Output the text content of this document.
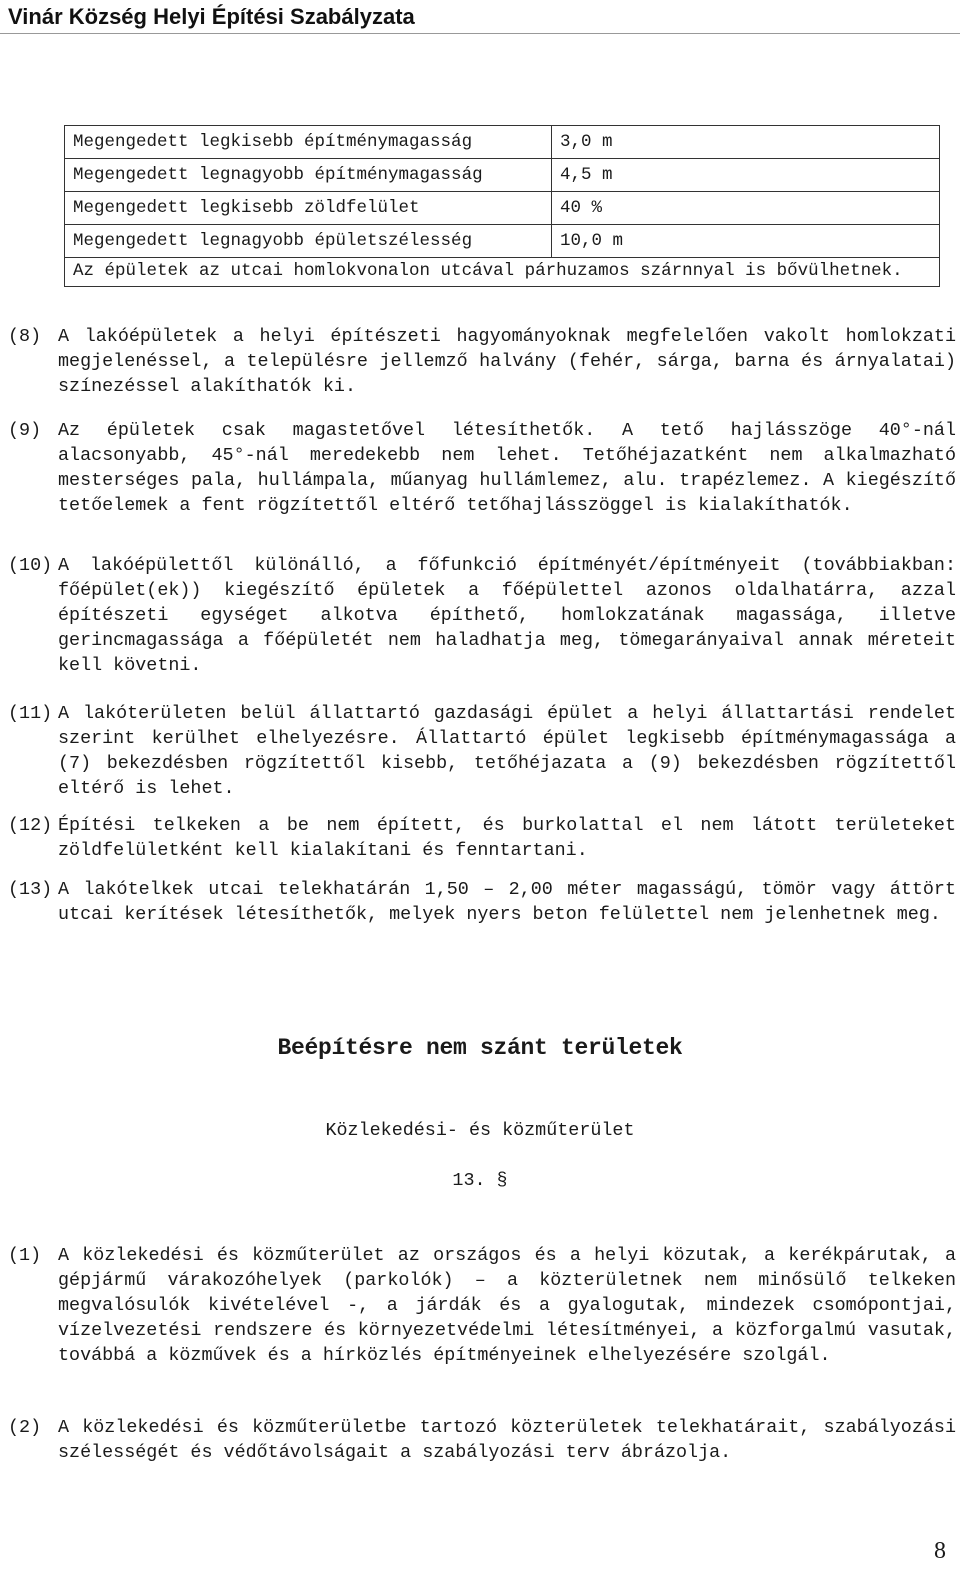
Vinár Község Helyi Építési Szabályzata
Megengedett legkisebb építménymagasság	3,0 m
Megengedett legnagyobb építménymagasság	4,5 m
Megengedett legkisebb zöldfelület	40 %
Megengedett legnagyobb épületszélesség	10,0 m
Az épületek az utcai homlokvonalon utcával párhuzamos szárnnyal is bővülhetnek.	
(8) A lakóépületek a helyi építészeti hagyományoknak megfelelően vakolt homlokzati megjelenéssel, a településre jellemző halvány (fehér, sárga, barna és árnyalatai) színezéssel alakíthatók ki.
(9) Az épületek csak magastetővel létesíthetők. A tető hajlásszöge 40°-nál alacsonyabb, 45°-nál meredekebb nem lehet. Tetőhéjazatként nem alkalmazható mesterséges pala, hullámpala, műanyag hullámlemez, alu. trapézlemez. A kiegészítő tetőelemek a fent rögzítettől eltérő tetőhajlásszöggel is kialakíthatók.
(10) A lakóépülettől különálló, a főfunkció építményét/építményeit (továbbiakban: főépület(ek)) kiegészítő épületek a főépülettel azonos oldalhatárra, azzal építészeti egységet alkotva építhető, homlokzatának magassága, illetve gerincmagassága a főépületét nem haladhatja meg, tömegarányaival annak méreteit kell követni.
(11) A lakóterületen belül állattartó gazdasági épület a helyi állattartási rendelet szerint kerülhet elhelyezésre. Állattartó épület legkisebb építménymagassága a (7) bekezdésben rögzítettől kisebb, tetőhéjazata a (9) bekezdésben rögzítettől eltérő is lehet.
(12) Építési telkeken a be nem épített, és burkolattal el nem látott területeket zöldfelületként kell kialakítani és fenntartani.
(13) A lakótelkek utcai telekhatárán 1,50 – 2,00 méter magasságú, tömör vagy áttört utcai kerítések létesíthetők, melyek nyers beton felülettel nem jelenhetnek meg.
Beépítésre nem szánt területek
Közlekedési- és közműterület
13. §
(1) A közlekedési és közműterület az országos és a helyi közutak, a kerékpárutak, a gépjármű várakozóhelyek (parkolók) – a közterületnek nem minősülő telkeken megvalósulók kivételével -, a járdák és a gyalogutak, mindezek csomópontjai, vízelvezetési rendszere és környezetvédelmi létesítményei, a közforgalmú vasutak, továbbá a közművek és a hírközlés építményeinek elhelyezésére szolgál.
(2) A közlekedési és közműterületbe tartozó közterületek telekhatárait, szabályozási szélességét és védőtávolságait a szabályozási terv ábrázolja.
8
